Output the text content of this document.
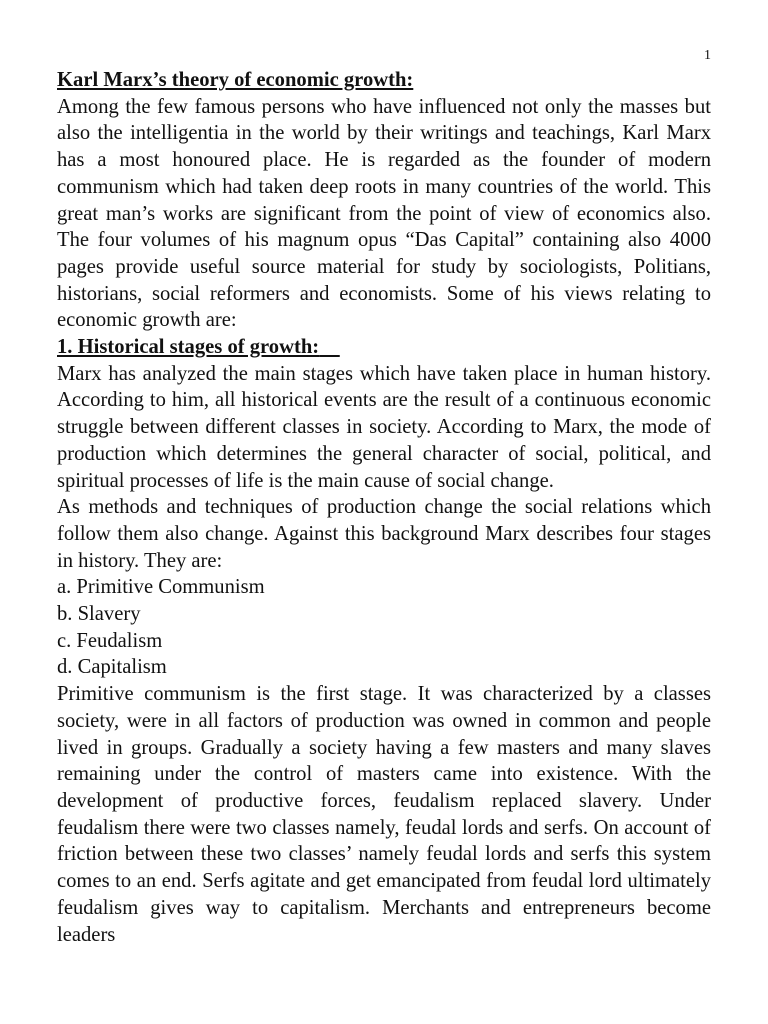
1
Karl Marx’s theory of economic growth:

Among the few famous persons who have influenced not only the masses but also the intelligentia in the world by their writings and teachings, Karl Marx has a most honoured place. He is regarded as the founder of modern communism which had taken deep roots in many countries of the world. This great man’s works are significant from the point of view of economics also. The four volumes of his magnum opus “Das Capital” containing also 4000 pages provide useful source material for study by sociologists, Politians, historians, social reformers and economists. Some of his views relating to economic growth are:

1. Historical stages of growth:

Marx has analyzed the main stages which have taken place in human history. According to him, all historical events are the result of a continuous economic struggle between different classes in society. According to Marx, the mode of production which determines the general character of social, political, and spiritual processes of life is the main cause of social change.

As methods and techniques of production change the social relations which follow them also change. Against this background Marx describes four stages in history. They are:

a. Primitive Communism
b. Slavery
c. Feudalism
d. Capitalism

Primitive communism is the first stage. It was characterized by a classes society, were in all factors of production was owned in common and people lived in groups. Gradually a society having a few masters and many slaves remaining under the control of masters came into existence. With the development of productive forces, feudalism replaced slavery. Under feudalism there were two classes namely, feudal lords and serfs. On account of friction between these two classes’ namely feudal lords and serfs this system comes to an end. Serfs agitate and get emancipated from feudal lord ultimately feudalism gives way to capitalism. Merchants and entrepreneurs become leaders
